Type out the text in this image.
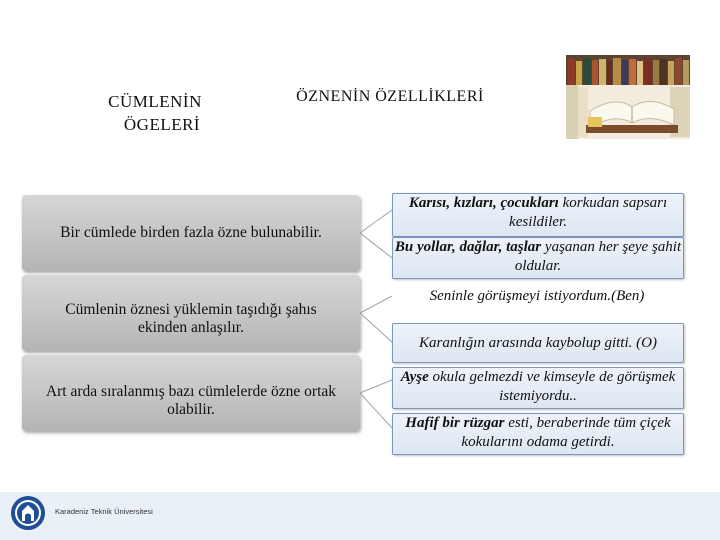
CÜMLENİN
ÖGELERİ
ÖZNENİN ÖZELLİKLERİ
Bir cümlede birden fazla özne bulunabilir.
Cümlenin öznesi yüklemin taşıdığı şahıs ekinden anlaşılır.
Art arda sıralanmış bazı cümlelerde özne ortak olabilir.
Karısı, kızları, çocukları korkudan sapsarı kesildiler.
Bu yollar, dağlar, taşlar yaşanan her şeye şahit oldular.
Seninle görüşmeyi istiyordum.(Ben)
Karanlığın arasında kaybolup gitti. (O)
Ayşe okula gelmezdi ve kimseyle de görüşmek istemiyordu..
Hafif bir rüzgar esti, beraberinde tüm çiçek kokularını odama getirdi.
Karadeniz Teknik Üniversitesi
